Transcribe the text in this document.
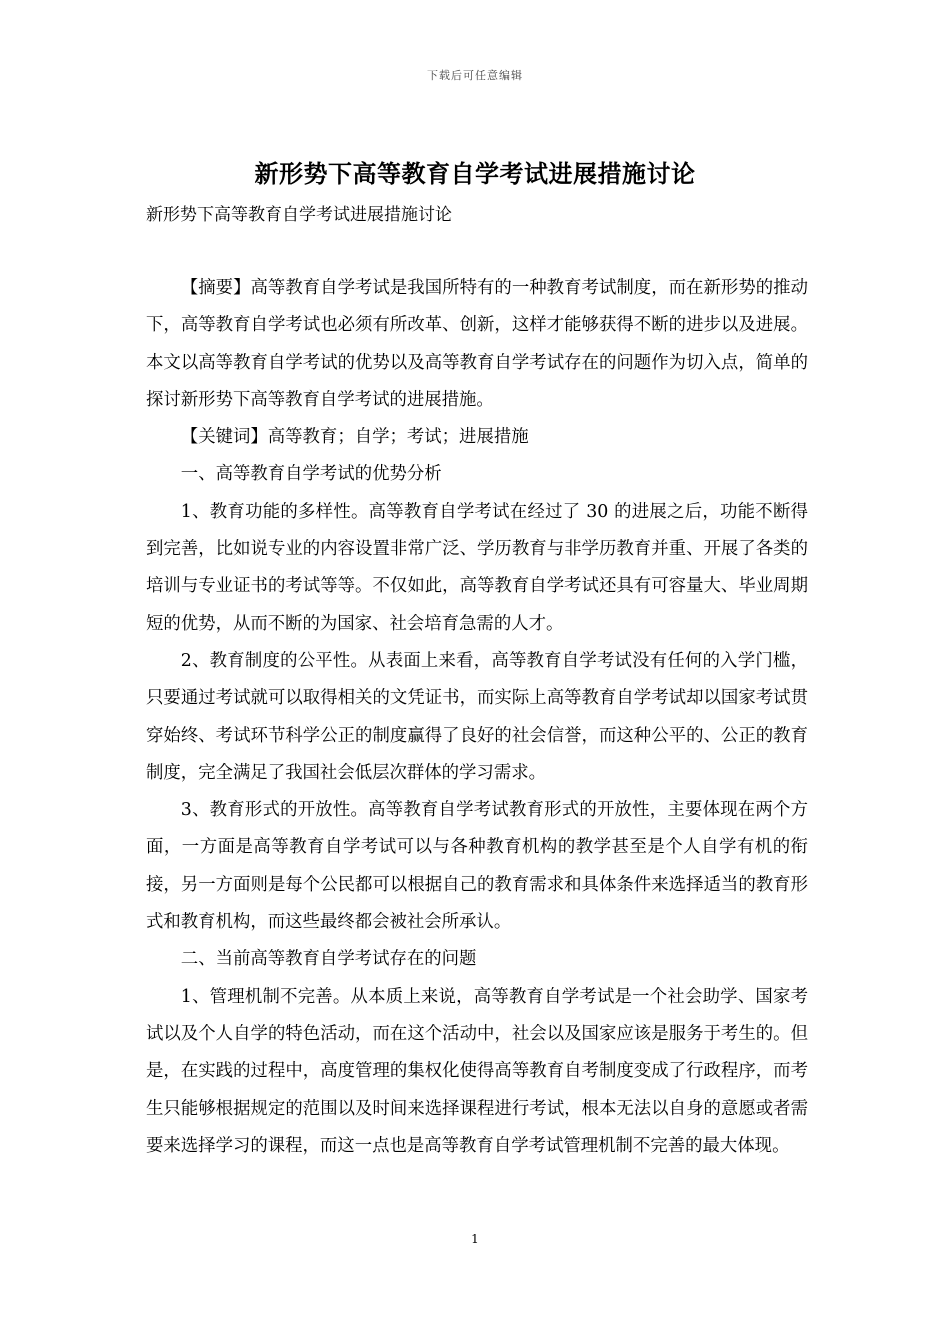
下载后可任意编辑
新形势下高等教育自学考试进展措施讨论
新形势下高等教育自学考试进展措施讨论

【摘要】高等教育自学考试是我国所特有的一种教育考试制度，而在新形势的推动下，高等教育自学考试也必须有所改革、创新，这样才能够获得不断的进步以及进展。本文以高等教育自学考试的优势以及高等教育自学考试存在的问题作为切入点，简单的探讨新形势下高等教育自学考试的进展措施。

【关键词】高等教育；自学；考试；进展措施

一、高等教育自学考试的优势分析

1、教育功能的多样性。高等教育自学考试在经过了 30 的进展之后，功能不断得到完善，比如说专业的内容设置非常广泛、学历教育与非学历教育并重、开展了各类的培训与专业证书的考试等等。不仅如此，高等教育自学考试还具有可容量大、毕业周期短的优势，从而不断的为国家、社会培育急需的人才。

2、教育制度的公平性。从表面上来看，高等教育自学考试没有任何的入学门槛，只要通过考试就可以取得相关的文凭证书，而实际上高等教育自学考试却以国家考试贯穿始终、考试环节科学公正的制度赢得了良好的社会信誉，而这种公平的、公正的教育制度，完全满足了我国社会低层次群体的学习需求。

3、教育形式的开放性。高等教育自学考试教育形式的开放性，主要体现在两个方面，一方面是高等教育自学考试可以与各种教育机构的教学甚至是个人自学有机的衔接，另一方面则是每个公民都可以根据自己的教育需求和具体条件来选择适当的教育形式和教育机构，而这些最终都会被社会所承认。

二、当前高等教育自学考试存在的问题

1、管理机制不完善。从本质上来说，高等教育自学考试是一个社会助学、国家考试以及个人自学的特色活动，而在这个活动中，社会以及国家应该是服务于考生的。但是，在实践的过程中，高度管理的集权化使得高等教育自考制度变成了行政程序，而考生只能够根据规定的范围以及时间来选择课程进行考试，根本无法以自身的意愿或者需要来选择学习的课程，而这一点也是高等教育自学考试管理机制不完善的最大体现。

1
